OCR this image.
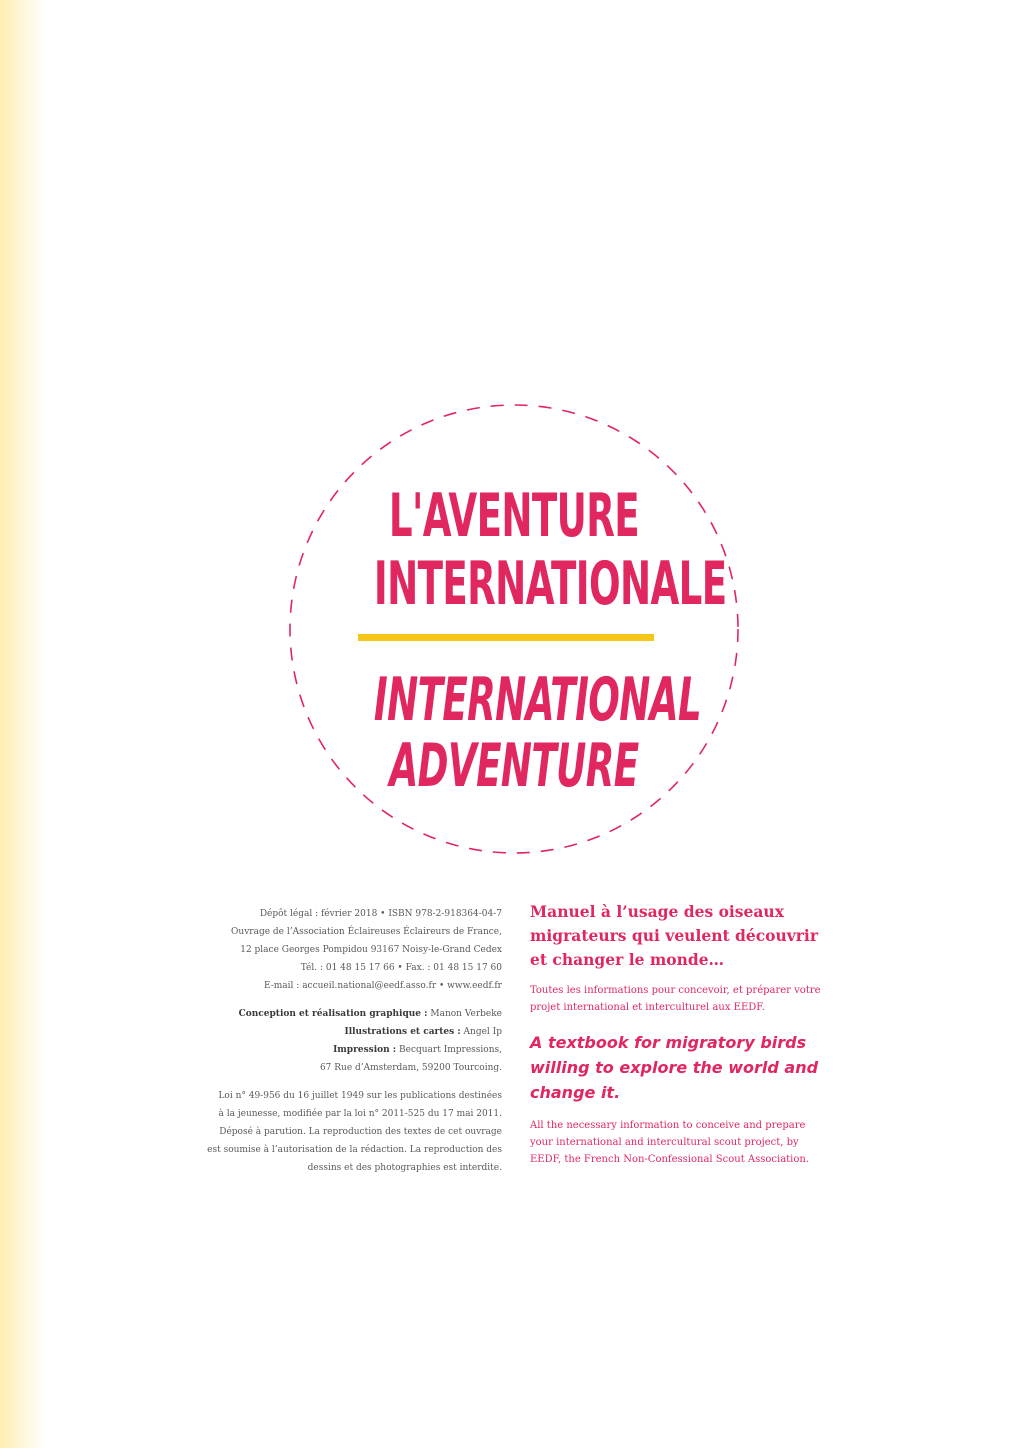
L'AVENTURE
INTERNATIONALE
INTERNATIONAL
ADVENTURE

Dépôt légal : février 2018 • ISBN 978-2-918364-04-7
Ouvrage de l’Association Éclaireuses Éclaireurs de France,
12 place Georges Pompidou 93167 Noisy-le-Grand Cedex
Tél. : 01 48 15 17 66 • Fax. : 01 48 15 17 60
E-mail : accueil.national@eedf.asso.fr • www.eedf.fr

Conception et réalisation graphique : Manon Verbeke
Illustrations et cartes : Angel Ip
Impression : Becquart Impressions,
67 Rue d’Amsterdam, 59200 Tourcoing.

Loi n° 49-956 du 16 juillet 1949 sur les publications destinées
à la jeunesse, modifiée par la loi n° 2011-525 du 17 mai 2011.
Déposé à parution. La reproduction des textes de cet ouvrage
est soumise à l’autorisation de la rédaction. La reproduction des
dessins et des photographies est interdite.

Manuel à l’usage des oiseaux migrateurs qui veulent découvrir et changer le monde…

Toutes les informations pour concevoir, et préparer votre projet international et interculturel aux EEDF.

A textbook for migratory birds willing to explore the world and change it.

All the necessary information to conceive and prepare your international and intercultural scout project, by EEDF, the French Non-Confessional Scout Association.
